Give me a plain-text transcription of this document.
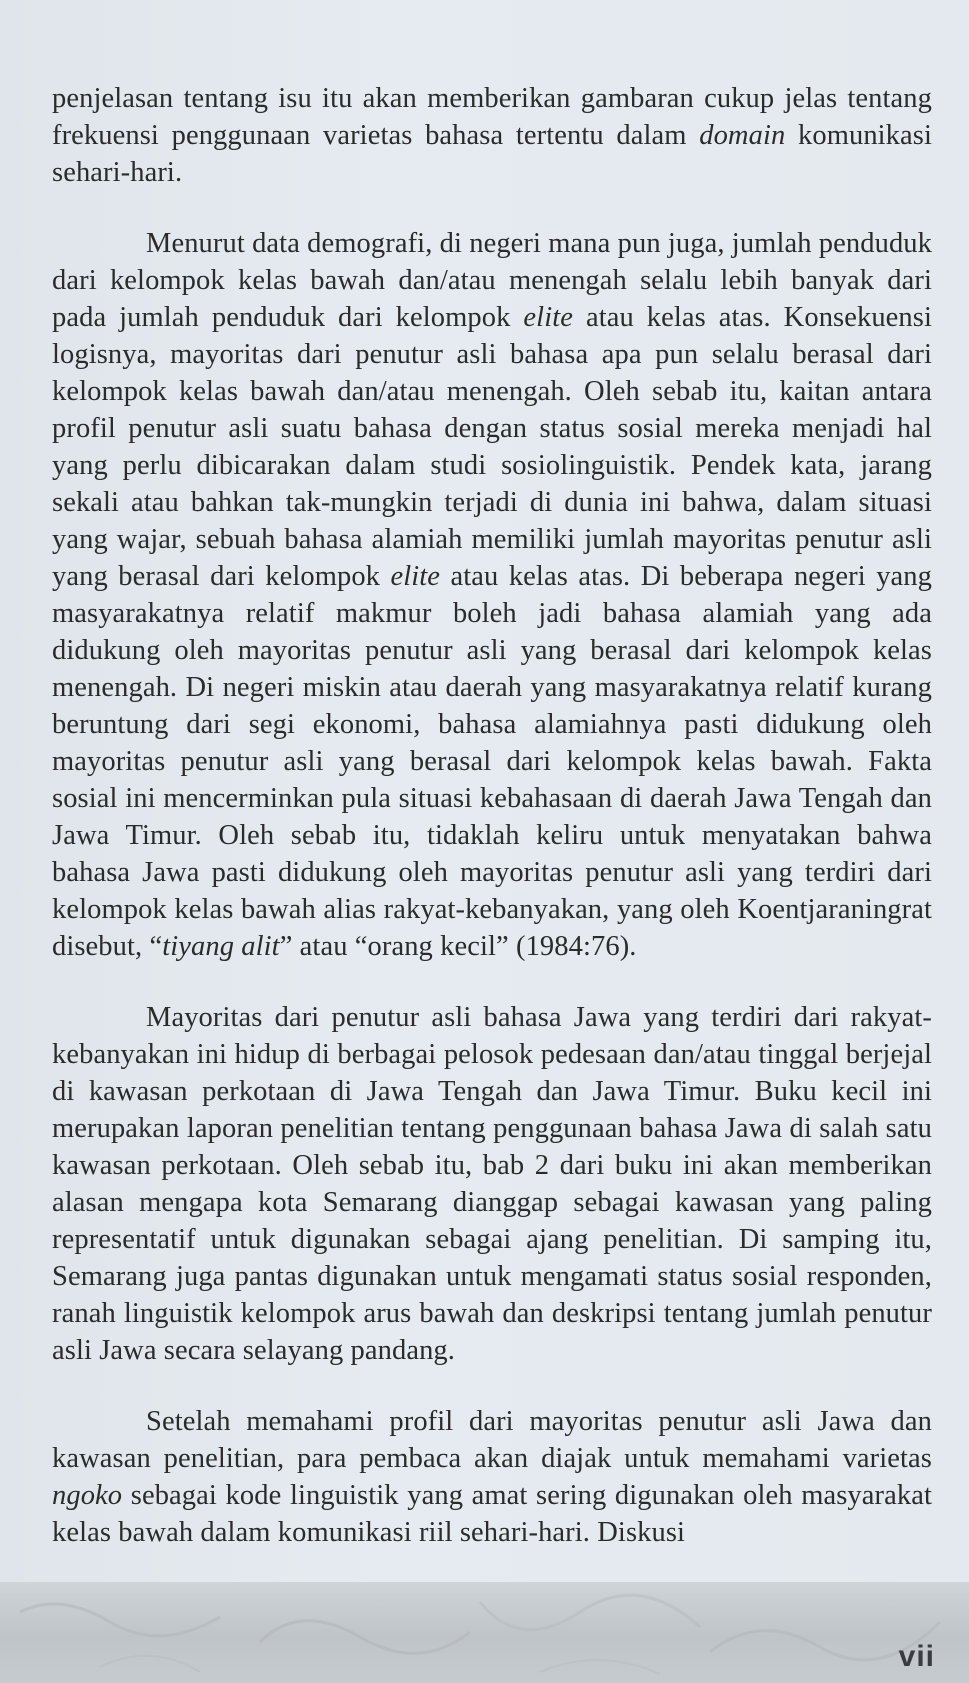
penjelasan tentang isu itu akan memberikan gambaran cukup jelas tentang frekuensi penggunaan varietas bahasa tertentu dalam domain komunikasi sehari-hari.

Menurut data demografi, di negeri mana pun juga, jumlah penduduk dari kelompok kelas bawah dan/atau menengah selalu lebih banyak dari pada jumlah penduduk dari kelompok elite atau kelas atas. Konsekuensi logisnya, mayoritas dari penutur asli bahasa apa pun selalu berasal dari kelompok kelas bawah dan/atau menengah. Oleh sebab itu, kaitan antara profil penutur asli suatu bahasa dengan status sosial mereka menjadi hal yang perlu dibicarakan dalam studi sosiolinguistik. Pendek kata, jarang sekali atau bahkan tak-mungkin terjadi di dunia ini bahwa, dalam situasi yang wajar, sebuah bahasa alamiah memiliki jumlah mayoritas penutur asli yang berasal dari kelompok elite atau kelas atas. Di beberapa negeri yang masyarakatnya relatif makmur boleh jadi bahasa alamiah yang ada didukung oleh mayoritas penutur asli yang berasal dari kelompok kelas menengah. Di negeri miskin atau daerah yang masyarakatnya relatif kurang beruntung dari segi ekonomi, bahasa alamiahnya pasti didukung oleh mayoritas penutur asli yang berasal dari kelompok kelas bawah. Fakta sosial ini mencerminkan pula situasi kebahasaan di daerah Jawa Tengah dan Jawa Timur. Oleh sebab itu, tidaklah keliru untuk menyatakan bahwa bahasa Jawa pasti didukung oleh mayoritas penutur asli yang terdiri dari kelompok kelas bawah alias rakyat-kebanyakan, yang oleh Koentjaraningrat disebut, “tiyang alit” atau “orang kecil” (1984:76).

Mayoritas dari penutur asli bahasa Jawa yang terdiri dari rakyat-kebanyakan ini hidup di berbagai pelosok pedesaan dan/atau tinggal berjejal di kawasan perkotaan di Jawa Tengah dan Jawa Timur. Buku kecil ini merupakan laporan penelitian tentang penggunaan bahasa Jawa di salah satu kawasan perkotaan. Oleh sebab itu, bab 2 dari buku ini akan memberikan alasan mengapa kota Semarang dianggap sebagai kawasan yang paling representatif untuk digunakan sebagai ajang penelitian. Di samping itu, Semarang juga pantas digunakan untuk mengamati status sosial responden, ranah linguistik kelompok arus bawah dan deskripsi tentang jumlah penutur asli Jawa secara selayang pandang.

Setelah memahami profil dari mayoritas penutur asli Jawa dan kawasan penelitian, para pembaca akan diajak untuk memahami varietas ngoko sebagai kode linguistik yang amat sering digunakan oleh masyarakat kelas bawah dalam komunikasi riil sehari-hari. Diskusi

vii
